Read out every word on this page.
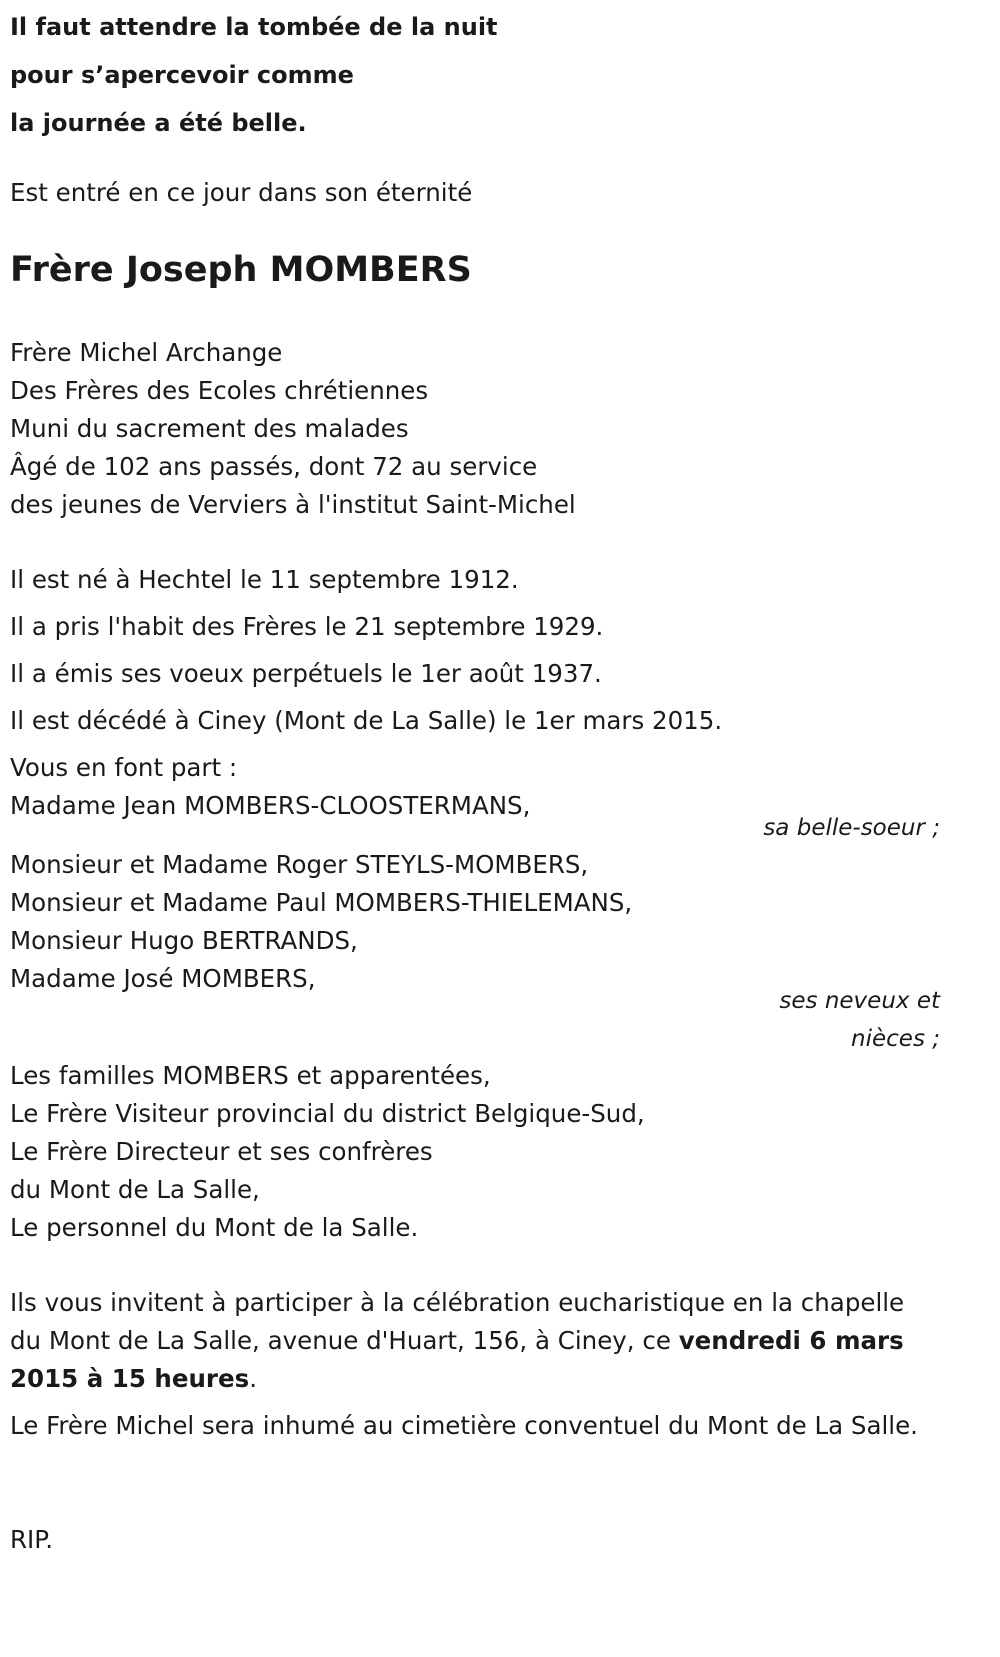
Il faut attendre la tombée de la nuit
pour s’apercevoir comme
la journée a été belle.
Est entré en ce jour dans son éternité
Frère Joseph MOMBERS
Frère Michel Archange
Des Frères des Ecoles chrétiennes
Muni du sacrement des malades
Âgé de 102 ans passés, dont 72 au service
des jeunes de Verviers à l'institut Saint-Michel
Il est né à Hechtel le 11 septembre 1912.
Il a pris l'habit des Frères le 21 septembre 1929.
Il a émis ses voeux perpétuels le 1er août 1937.
Il est décédé à Ciney (Mont de La Salle) le 1er mars 2015.
Vous en font part :
Madame Jean MOMBERS-CLOOSTERMANS,
sa belle-soeur ;
Monsieur et Madame Roger STEYLS-MOMBERS,
Monsieur et Madame Paul MOMBERS-THIELEMANS,
Monsieur Hugo BERTRANDS,
Madame José MOMBERS,
ses neveux et
nièces ;
Les familles MOMBERS et apparentées,
Le Frère Visiteur provincial du district Belgique-Sud,
Le Frère Directeur et ses confrères
du Mont de La Salle,
Le personnel du Mont de la Salle.
Ils vous invitent à participer à la célébration eucharistique en la chapelle du Mont de La Salle, avenue d'Huart, 156, à Ciney, ce vendredi 6 mars 2015 à 15 heures.
Le Frère Michel sera inhumé au cimetière conventuel du Mont de La Salle.
RIP.
